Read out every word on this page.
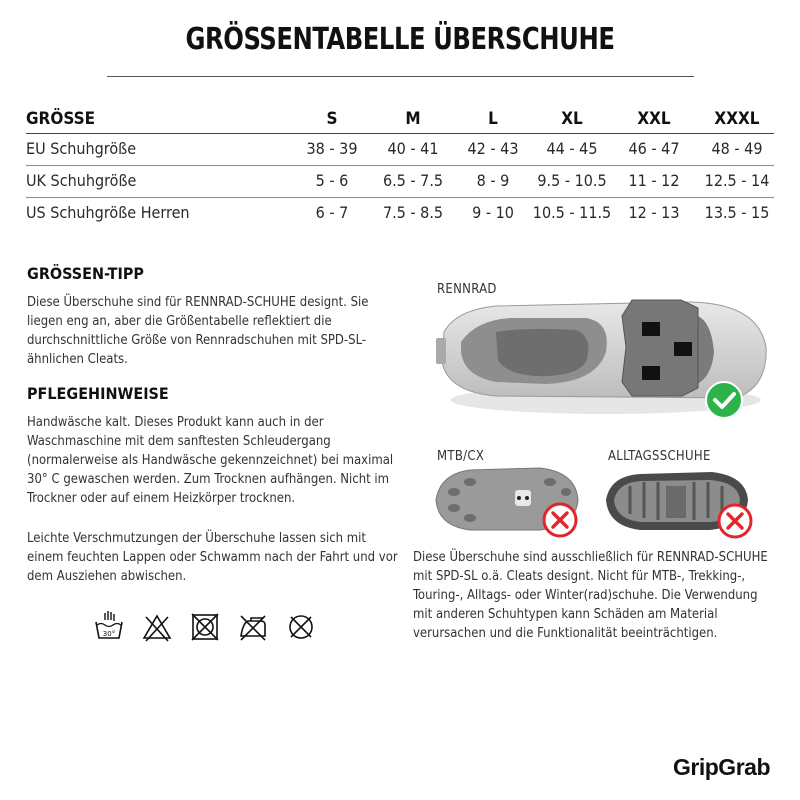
GRÖSSENTABELLE ÜBERSCHUHE
GRÖSSE	S	M	L	XL	XXL	XXXL
EU Schuhgröße	38 - 39	40 - 41	42 - 43	44 - 45	46 - 47	48 - 49
UK Schuhgröße	5 - 6	6.5 - 7.5	8 - 9	9.5 - 10.5	11 - 12	12.5 - 14
US Schuhgröße Herren	6 - 7	7.5 - 8.5	9 - 10	10.5 - 11.5	12 - 13	13.5 - 15
GRÖSSEN-TIPP
Diese Überschuhe sind für RENNRAD-SCHUHE designt. Sie liegen eng an, aber die Größentabelle reflektiert die durchschnittliche Größe von Rennradschuhen mit SPD-SL-ähnlichen Cleats.
PFLEGEHINWEISE
Handwäsche kalt. Dieses Produkt kann auch in der Waschmaschine mit dem sanftesten Schleudergang (normalerweise als Handwäsche gekennzeichnet) bei maximal 30° C gewaschen werden. Zum Trocknen aufhängen. Nicht im Trockner oder auf einem Heizkörper trocknen.
Leichte Verschmutzungen der Überschuhe lassen sich mit einem feuchten Lappen oder Schwamm nach der Fahrt und vor dem Ausziehen abwischen.
30°
RENNRAD
MTB/CX	ALLTAGSSCHUHE
Diese Überschuhe sind ausschließlich für RENNRAD-SCHUHE mit SPD-SL o.ä. Cleats designt. Nicht für MTB-, Trekking-, Touring-, Alltags- oder Winter(rad)schuhe. Die Verwendung mit anderen Schuhtypen kann Schäden am Material verursachen und die Funktionalität beeinträchtigen.
GripGrab
